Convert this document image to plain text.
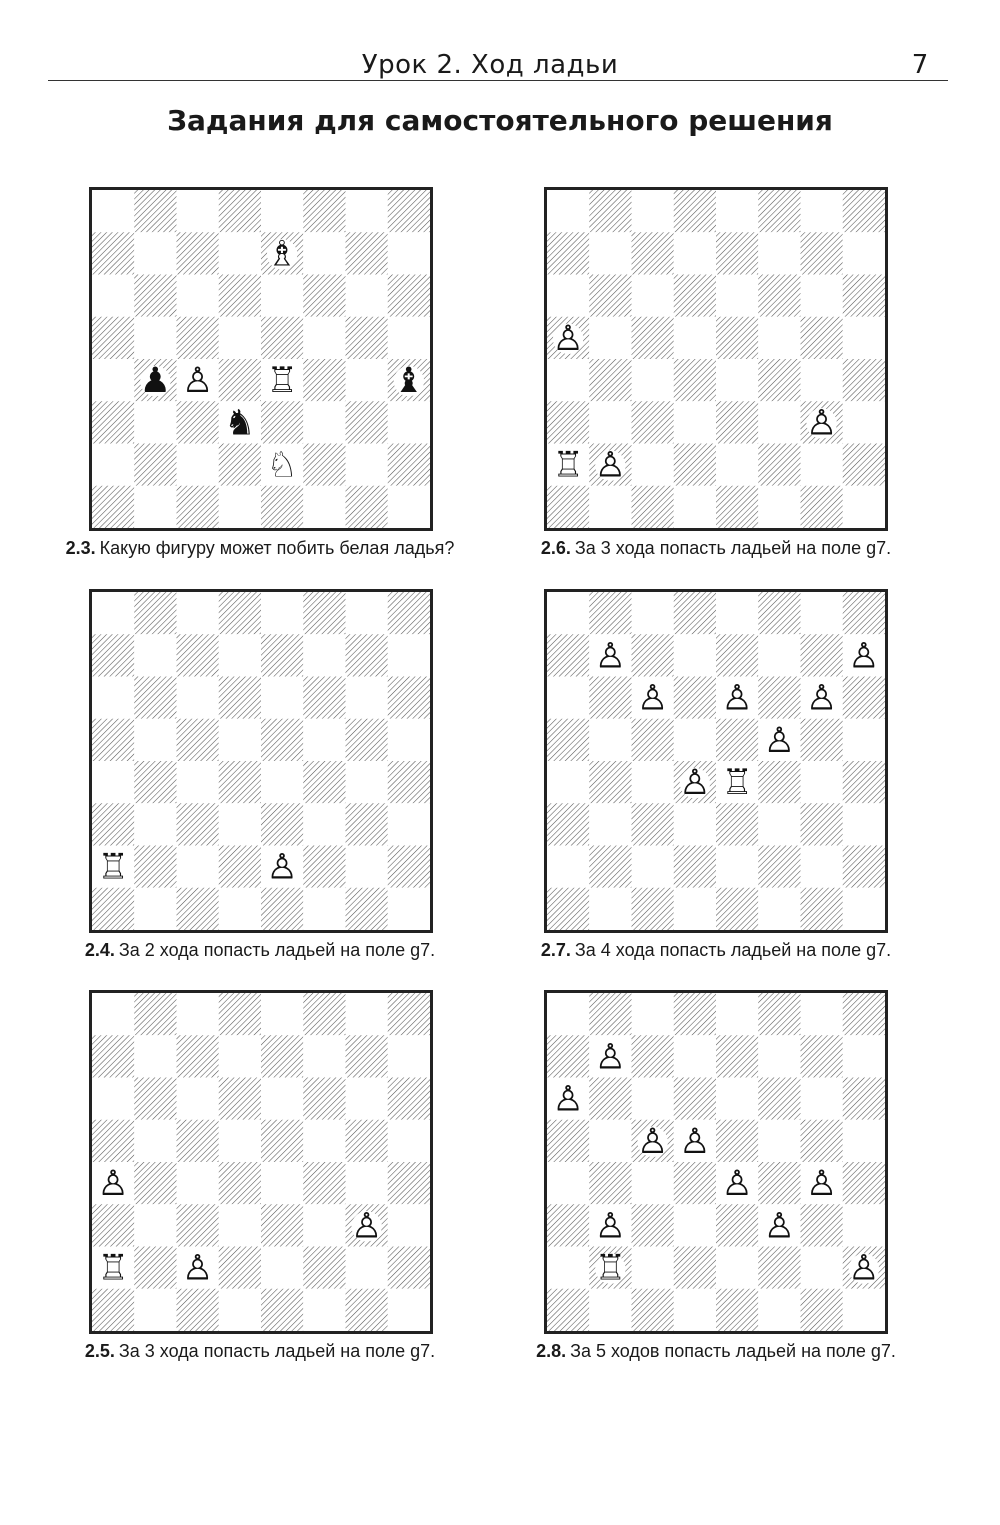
Урок 2. Ход ладьи	7
Задания для самостоятельного решения
♗
♟ ♙ ♖	♝
♞
♘
2.3. Какую фигуру может побить белая ладья?
♙
♙
♖ ♙
2.6. За 3 хода попасть ладьей на поле g7.
♖	♙
2.4. За 2 хода попасть ладьей на поле g7.
♙	♙
♙ ♙ ♙
♙
♙ ♖
2.7. За 4 хода попасть ладьей на поле g7.
♙
♙
♖ ♙
2.5. За 3 хода попасть ладьей на поле g7.
♙
♙
♙ ♙
♙ ♙
♙	♙
♖	♙
2.8. За 5 ходов попасть ладьей на поле g7.
